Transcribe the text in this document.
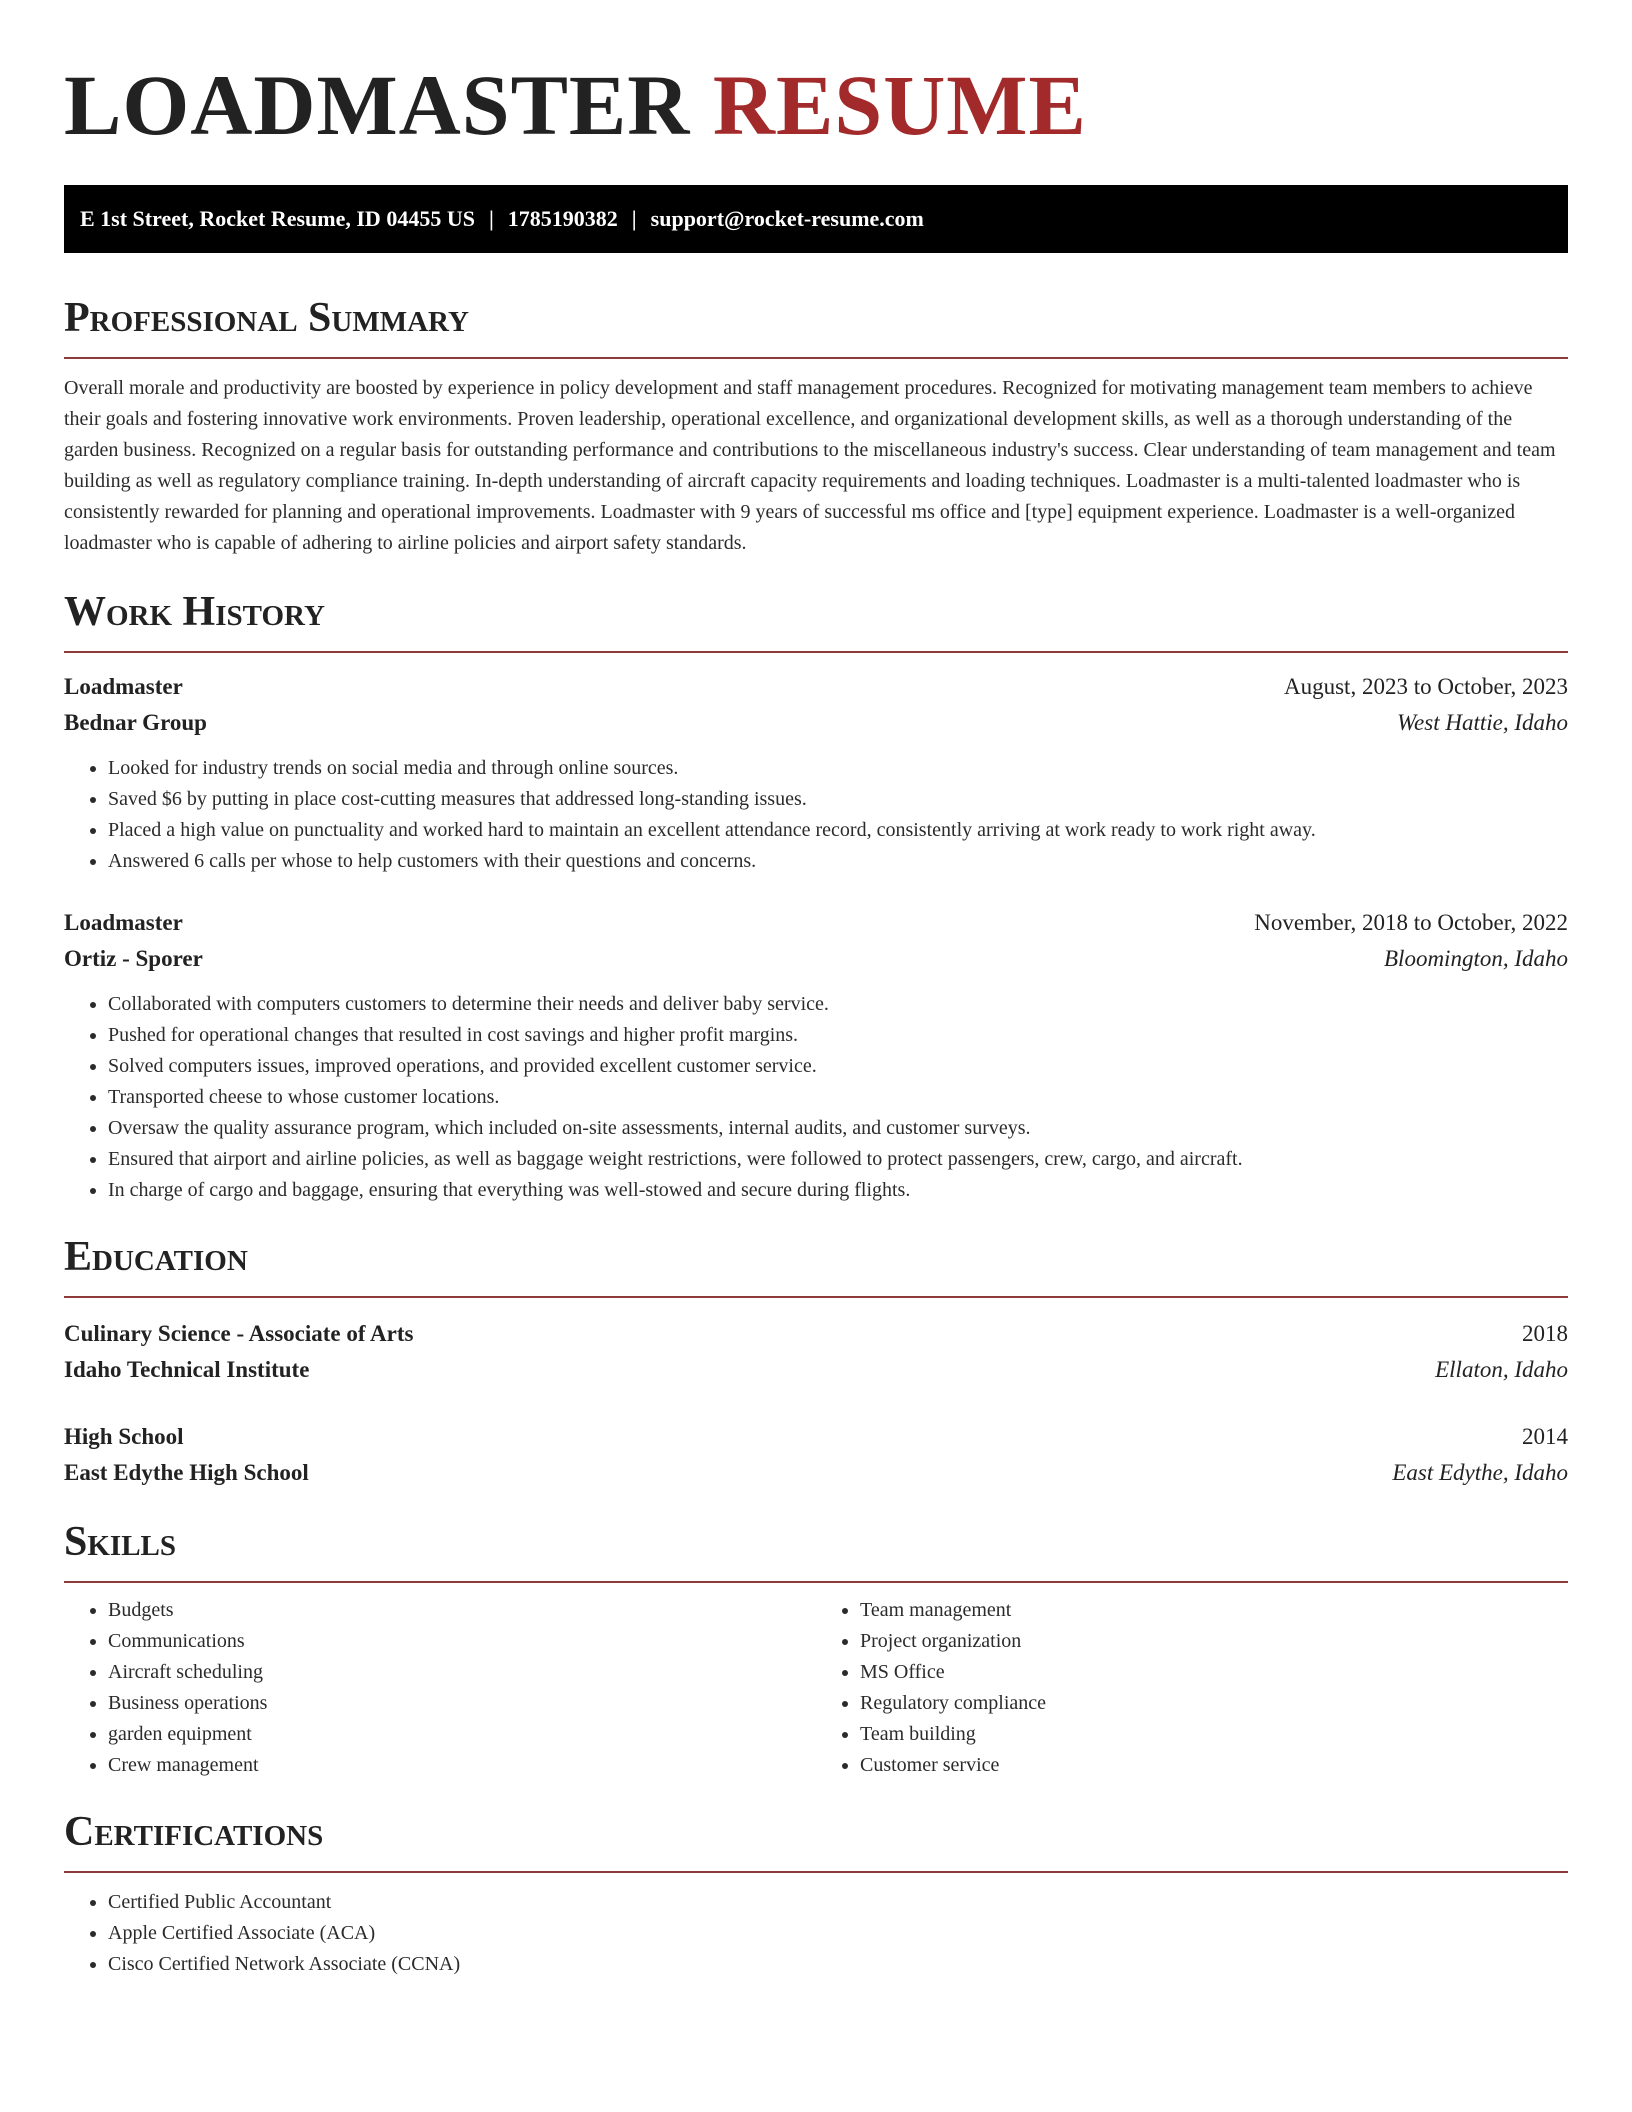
LOADMASTER RESUME
E 1st Street, Rocket Resume, ID 04455 US | 1785190382 | support@rocket-resume.com
Professional Summary

Overall morale and productivity are boosted by experience in policy development and staff management procedures. Recognized for motivating management team members to achieve their goals and fostering innovative work environments. Proven leadership, operational excellence, and organizational development skills, as well as a thorough understanding of the garden business. Recognized on a regular basis for outstanding performance and contributions to the miscellaneous industry's success. Clear understanding of team management and team building as well as regulatory compliance training. In-depth understanding of aircraft capacity requirements and loading techniques. Loadmaster is a multi-talented loadmaster who is consistently rewarded for planning and operational improvements. Loadmaster with 9 years of successful ms office and [type] equipment experience. Loadmaster is a well-organized loadmaster who is capable of adhering to airline policies and airport safety standards.

Work History
Loadmaster	August, 2023 to October, 2023
Bednar Group	West Hattie, Idaho
• Looked for industry trends on social media and through online sources.
• Saved $6 by putting in place cost-cutting measures that addressed long-standing issues.
• Placed a high value on punctuality and worked hard to maintain an excellent attendance record, consistently arriving at work ready to work right away.
• Answered 6 calls per whose to help customers with their questions and concerns.
Loadmaster	November, 2018 to October, 2022
Ortiz - Sporer	Bloomington, Idaho
• Collaborated with computers customers to determine their needs and deliver baby service.
• Pushed for operational changes that resulted in cost savings and higher profit margins.
• Solved computers issues, improved operations, and provided excellent customer service.
• Transported cheese to whose customer locations.
• Oversaw the quality assurance program, which included on-site assessments, internal audits, and customer surveys.
• Ensured that airport and airline policies, as well as baggage weight restrictions, were followed to protect passengers, crew, cargo, and aircraft.
• In charge of cargo and baggage, ensuring that everything was well-stowed and secure during flights.
Education
Culinary Science - Associate of Arts	2018
Idaho Technical Institute	Ellaton, Idaho
High School	2014
East Edythe High School	East Edythe, Idaho
Skills
• Budgets
• Communications
• Aircraft scheduling
• Business operations
• garden equipment
• Crew management
• Team management
• Project organization
• MS Office
• Regulatory compliance
• Team building
• Customer service
Certifications
• Certified Public Accountant
• Apple Certified Associate (ACA)
• Cisco Certified Network Associate (CCNA)
